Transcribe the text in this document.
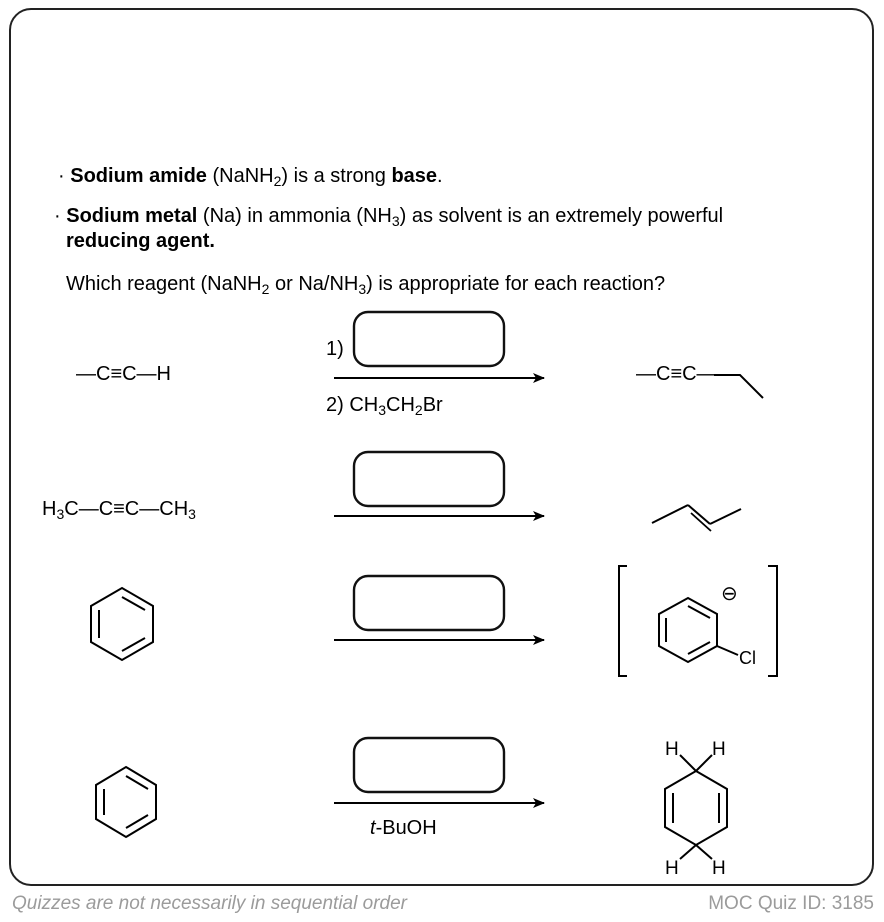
· Sodium amide (NaNH$_2$) is a strong base.
· Sodium metal (Na) in ammonia $(NH_3)$ as solvent is an extremely powerful
reducing agent.
Which reagent (NaNH$_2$ or $Na/NH_3$) is appropriate for each reaction?
—C≡C—H
1)
2) $CH_3CH_2Br$
—C≡C—
$H_3C—C\equiv C—CH_3$
t-BuOH
⊖
Cl
H H
H H
Quizzes are not necessarily in sequential order	MOC Quiz ID: 3185
